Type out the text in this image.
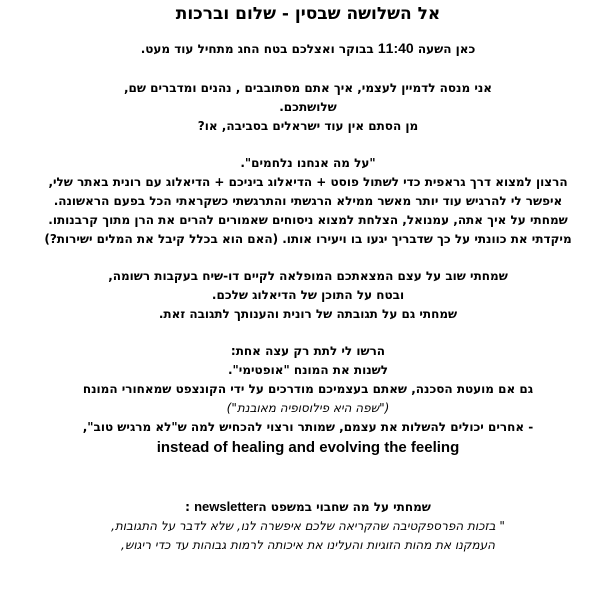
אל השלושה שבסין - שלום וברכות

כאן השעה 11:40 בבוקר ואצלכם בטח החג מתחיל עוד מעט.

אני מנסה לדמיין לעצמי, איך אתם מסתובבים , נהנים ומדברים שם,
שלושתכם.
מן הסתם אין עוד ישראלים בסביבה, או?

"על מה אנחנו נלחמים".
הרצון למצוא דרך גראפית כדי לשתול פוסט + הדיאלוג ביניכם + הדיאלוג עם רונית באתר שלי,
איפשר לי להרגיש עוד יותר מאשר ממילא הרגשתי והתרגשתי כשקראתי הכל בפעם הראשונה.
שמחתי על איך אתה, עמנואל, הצלחת למצוא ניסוחים שאמורים להרים את הרן מתוך קרבנותו.
מיקדתי את כוונתי על כך שדבריך יגעו בו ויעירו אותו. (האם הוא בכלל קיבל את המלים ישירות?)

שמחתי שוב על עצם המצאתכם המופלאה לקיים דו-שיח בעקבות רשומה,
ובטח על התוכן של הדיאלוג שלכם.
שמחתי גם על תגובתה של רונית והענותך לתגובה זאת.

הרשו לי לתת רק עצה אחת:
לשנות את המונח "אופטימי".
גם אם מועטת הסכנה, שאתם בעצמיכם מודרכים על ידי הקונצפט שמאחורי המונח
("שפה היא פילוסופיה מאובנת")
- אחרים יכולים להשלות את עצמם, שמותר ורצוי להכחיש למה ש"לא מרגיש טוב",
instead of healing and evolving the feeling

שמחתי על מה שחבוי במשפט הnewsletter :
" בזכות הפרספקטיבה שהקריאה שלכם איפשרה לנו, שלא לדבר על התגובות,
העמקנו את מהות הזוגיות והעלינו את איכותה לרמות גבוהות עד כדי ריגוש,
